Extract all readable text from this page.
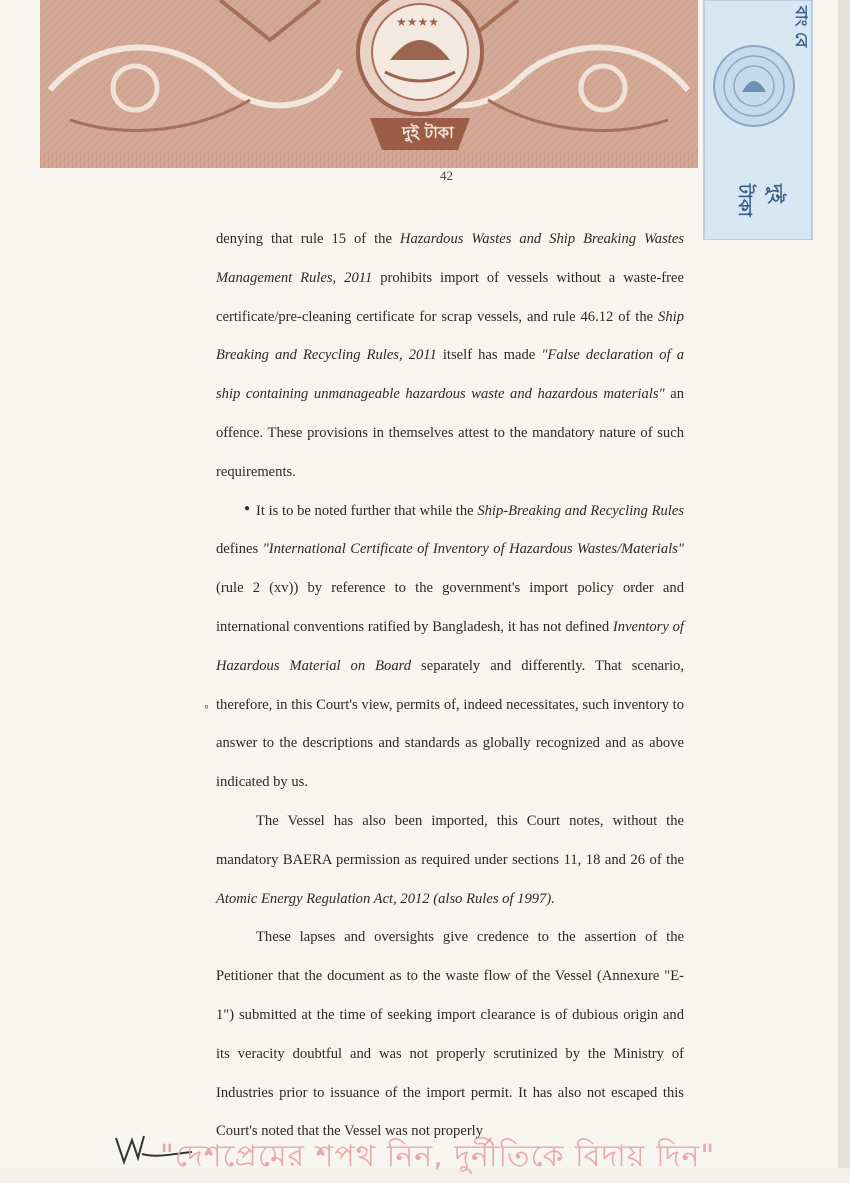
★★★★
দুই টাকা
বাং বে
দুই টাকা
42

denying that rule 15 of the Hazardous Wastes and Ship Breaking Wastes Management Rules, 2011 prohibits import of vessels without a waste-free certificate/pre-cleaning certificate for scrap vessels, and rule 46.12 of the Ship Breaking and Recycling Rules, 2011 itself has made "False declaration of a ship containing unmanageable hazardous waste and hazardous materials" an offence. These provisions in themselves attest to the mandatory nature of such requirements.

It is to be noted further that while the Ship-Breaking and Recycling Rules defines "International Certificate of Inventory of Hazardous Wastes/Materials" (rule 2 (xv)) by reference to the government's import policy order and international conventions ratified by Bangladesh, it has not defined Inventory of Hazardous Material on Board separately and differently. That scenario, therefore, in this Court's view, permits of, indeed necessitates, such inventory to answer to the descriptions and standards as globally recognized and as above indicated by us.

The Vessel has also been imported, this Court notes, without the mandatory BAERA permission as required under sections 11, 18 and 26 of the Atomic Energy Regulation Act, 2012 (also Rules of 1997).

These lapses and oversights give credence to the assertion of the Petitioner that the document as to the waste flow of the Vessel (Annexure "E-1") submitted at the time of seeking import clearance is of dubious origin and its veracity doubtful and was not properly scrutinized by the Ministry of Industries prior to issuance of the import permit. It has also not escaped this Court's noted that the Vessel was not properly

●
◦
"দেশপ্রেমের শপথ নিন, দুর্নীতিকে বিদায় দিন"
